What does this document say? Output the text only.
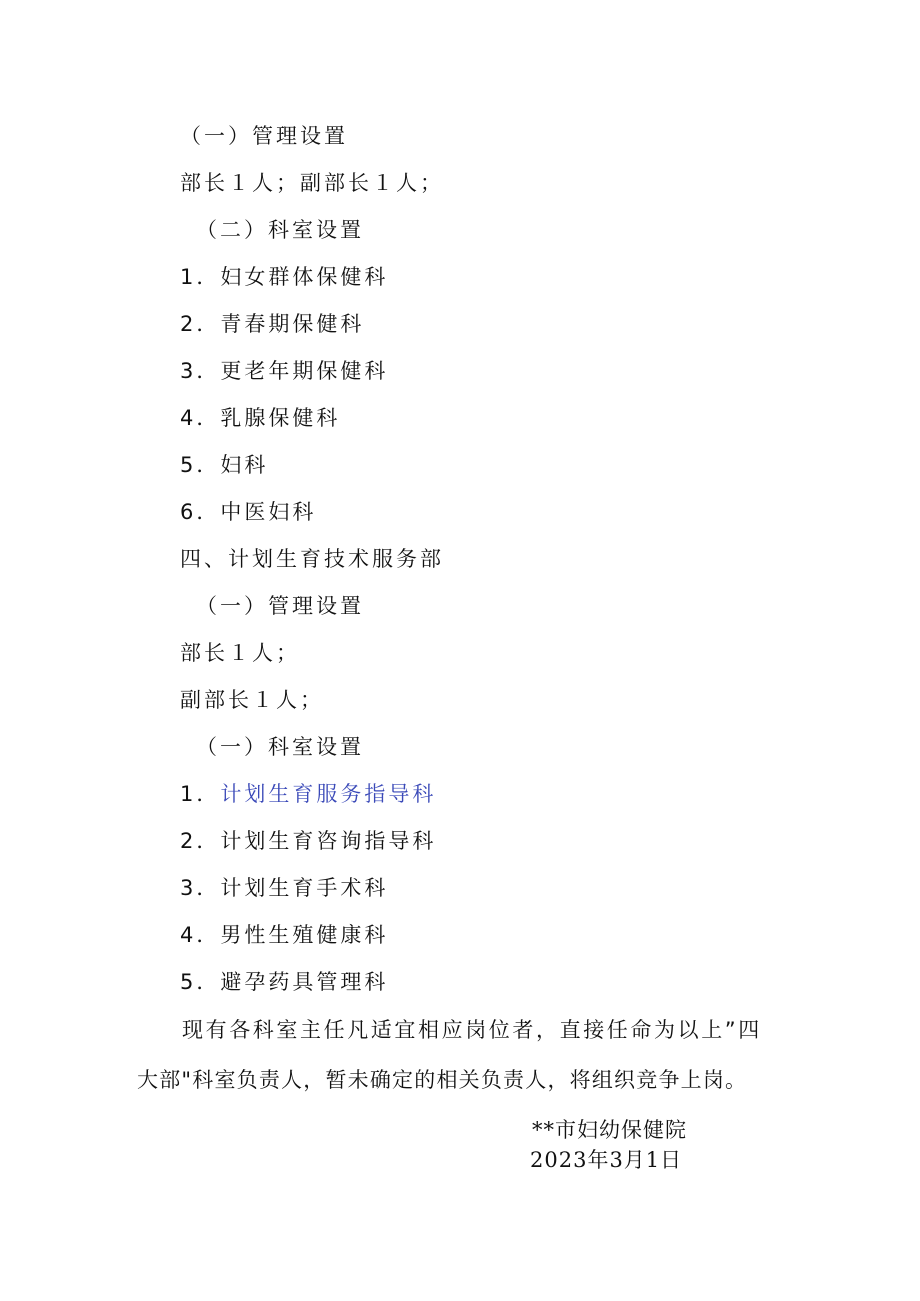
（一）管理设置
部长１人；副部长１人；
（二）科室设置
1．妇女群体保健科
2．青春期保健科
3．更老年期保健科
4．乳腺保健科
5．妇科
6．中医妇科
四、计划生育技术服务部
（一）管理设置
部长１人；
副部长１人；
（一）科室设置
1．计划生育服务指导科
2．计划生育咨询指导科
3．计划生育手术科
4．男性生殖健康科
5．避孕药具管理科
现有各科室主任凡适宜相应岗位者，直接任命为以上”四
大部"科室负责人，暂未确定的相关负责人，将组织竞争上岗。
**市妇幼保健院
2023年3月1日
